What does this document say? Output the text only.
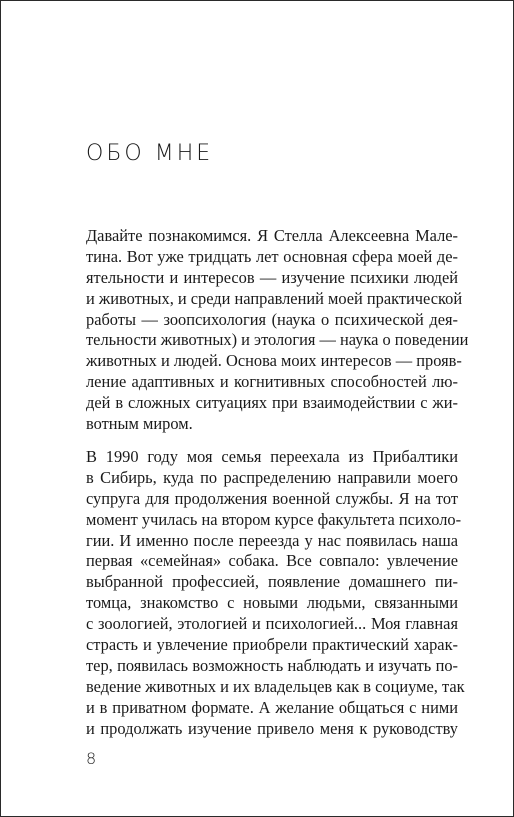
ОБО МНЕ
Давайте познакомимся. Я Стелла Алексеевна Мале-
тина. Вот уже тридцать лет основная сфера моей де-
ятельности и интересов — изучение психики людей
и животных, и среди направлений моей практической
работы — зоопсихология (наука о психической дея-
тельности животных) и этология — наука о поведении
животных и людей. Основа моих интересов — прояв-
ление адаптивных и когнитивных способностей лю-
дей в сложных ситуациях при взаимодействии с жи-
вотным миром.
В 1990 году моя семья переехала из Прибалтики
в Сибирь, куда по распределению направили моего
супруга для продолжения военной службы. Я на тот
момент училась на втором курсе факультета психоло-
гии. И именно после переезда у нас появилась наша
первая «семейная» собака. Все совпало: увлечение
выбранной профессией, появление домашнего пи-
томца, знакомство с новыми людьми, связанными
с зоологией, этологией и психологией... Моя главная
страсть и увлечение приобрели практический харак-
тер, появилась возможность наблюдать и изучать по-
ведение животных и их владельцев как в социуме, так
и в приватном формате. А желание общаться с ними
и продолжать изучение привело меня к руководству

8
